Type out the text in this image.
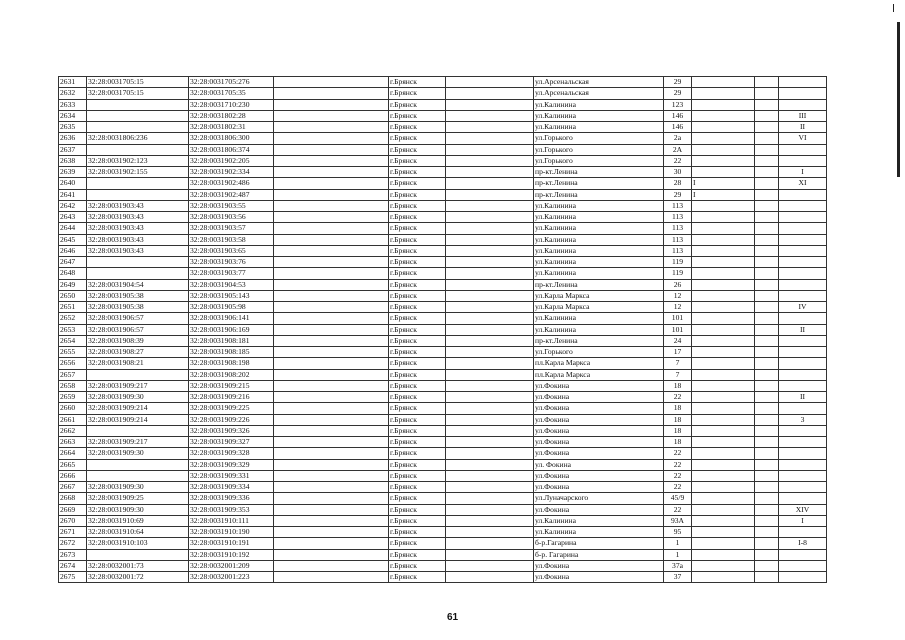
2631	32:28:0031705:15	32:28:0031705:276		г.Брянск		ул.Арсенальская	29			
2632	32:28:0031705:15	32:28:0031705:35		г.Брянск		ул.Арсенальская	29			
2633		32:28:0031710:230		г.Брянск		ул.Калинина	123			
2634		32:28:0031802:28		г.Брянск		ул.Калинина	146			III
2635		32:28:0031802:31		г.Брянск		ул.Калинина	146			II
2636	32:28:0031806:236	32:28:0031806:300		г.Брянск		ул.Горького	2а			VI
2637		32:28:0031806:374		г.Брянск		ул.Горького	2А			
2638	32:28:0031902:123	32:28:0031902:205		г.Брянск		ул.Горького	22			
2639	32:28:0031902:155	32:28:0031902:334		г.Брянск		пр-кт.Ленина	30			I
2640		32:28:0031902:486		г.Брянск		пр-кт.Ленина	28	I		XI
2641		32:28:0031902:487		г.Брянск		пр-кт.Ленина	29	I		
2642	32:28:0031903:43	32:28:0031903:55		г.Брянск		ул.Калинина	113			
2643	32:28:0031903:43	32:28:0031903:56		г.Брянск		ул.Калинина	113			
2644	32:28:0031903:43	32:28:0031903:57		г.Брянск		ул.Калинина	113			
2645	32:28:0031903:43	32:28:0031903:58		г.Брянск		ул.Калинина	113			
2646	32:28:0031903:43	32:28:0031903:65		г.Брянск		ул.Калинина	113			
2647		32:28:0031903:76		г.Брянск		ул.Калинина	119			
2648		32:28:0031903:77		г.Брянск		ул.Калинина	119			
2649	32:28:0031904:54	32:28:0031904:53		г.Брянск		пр-кт.Ленина	26			
2650	32:28:0031905:38	32:28:0031905:143		г.Брянск		ул.Карла Маркса	12			
2651	32:28:0031905:38	32:28:0031905:98		г.Брянск		ул.Карла Маркса	12			IV
2652	32:28:0031906:57	32:28:0031906:141		г.Брянск		ул.Калинина	101			
2653	32:28:0031906:57	32:28:0031906:169		г.Брянск		ул.Калинина	101			II
2654	32:28:0031908:39	32:28:0031908:181		г.Брянск		пр-кт.Ленина	24			
2655	32:28:0031908:27	32:28:0031908:185		г.Брянск		ул.Горького	17			
2656	32:28:0031908:21	32:28:0031908:198		г.Брянск		пл.Карла Маркса	7			
2657		32:28:0031908:202		г.Брянск		пл.Карла Маркса	7			
2658	32:28:0031909:217	32:28:0031909:215		г.Брянск		ул.Фокина	18			
2659	32:28:0031909:30	32:28:0031909:216		г.Брянск		ул.Фокина	22			II
2660	32:28:0031909:214	32:28:0031909:225		г.Брянск		ул.Фокина	18			
2661	32:28:0031909:214	32:28:0031909:226		г.Брянск		ул.Фокина	18			3
2662		32:28:0031909:326		г.Брянск		ул.Фокина	18			
2663	32:28:0031909:217	32:28:0031909:327		г.Брянск		ул.Фокина	18			
2664	32:28:0031909:30	32:28:0031909:328		г.Брянск		ул.Фокина	22			
2665		32:28:0031909:329		г.Брянск		ул. Фокина	22			
2666		32:28:0031909:331		г.Брянск		ул.Фокина	22			
2667	32:28:0031909:30	32:28:0031909:334		г.Брянск		ул.Фокина	22			
2668	32:28:0031909:25	32:28:0031909:336		г.Брянск		ул.Луначарского	45/9			
2669	32:28:0031909:30	32:28:0031909:353		г.Брянск		ул.Фокина	22			XIV
2670	32:28:0031910:69	32:28:0031910:111		г.Брянск		ул.Калинина	93А			I
2671	32:28:0031910:64	32:28:0031910:190		г.Брянск		ул.Калинина	95			
2672	32:28:0031910:103	32:28:0031910:191		г.Брянск		б-р.Гагарина	1			I-8
2673		32:28:0031910:192		г.Брянск		б-р. Гагарина	1			
2674	32:28:0032001:73	32:28:0032001:209		г.Брянск		ул.Фокина	37а			
2675	32:28:0032001:72	32:28:0032001:223		г.Брянск		ул.Фокина	37			
61
